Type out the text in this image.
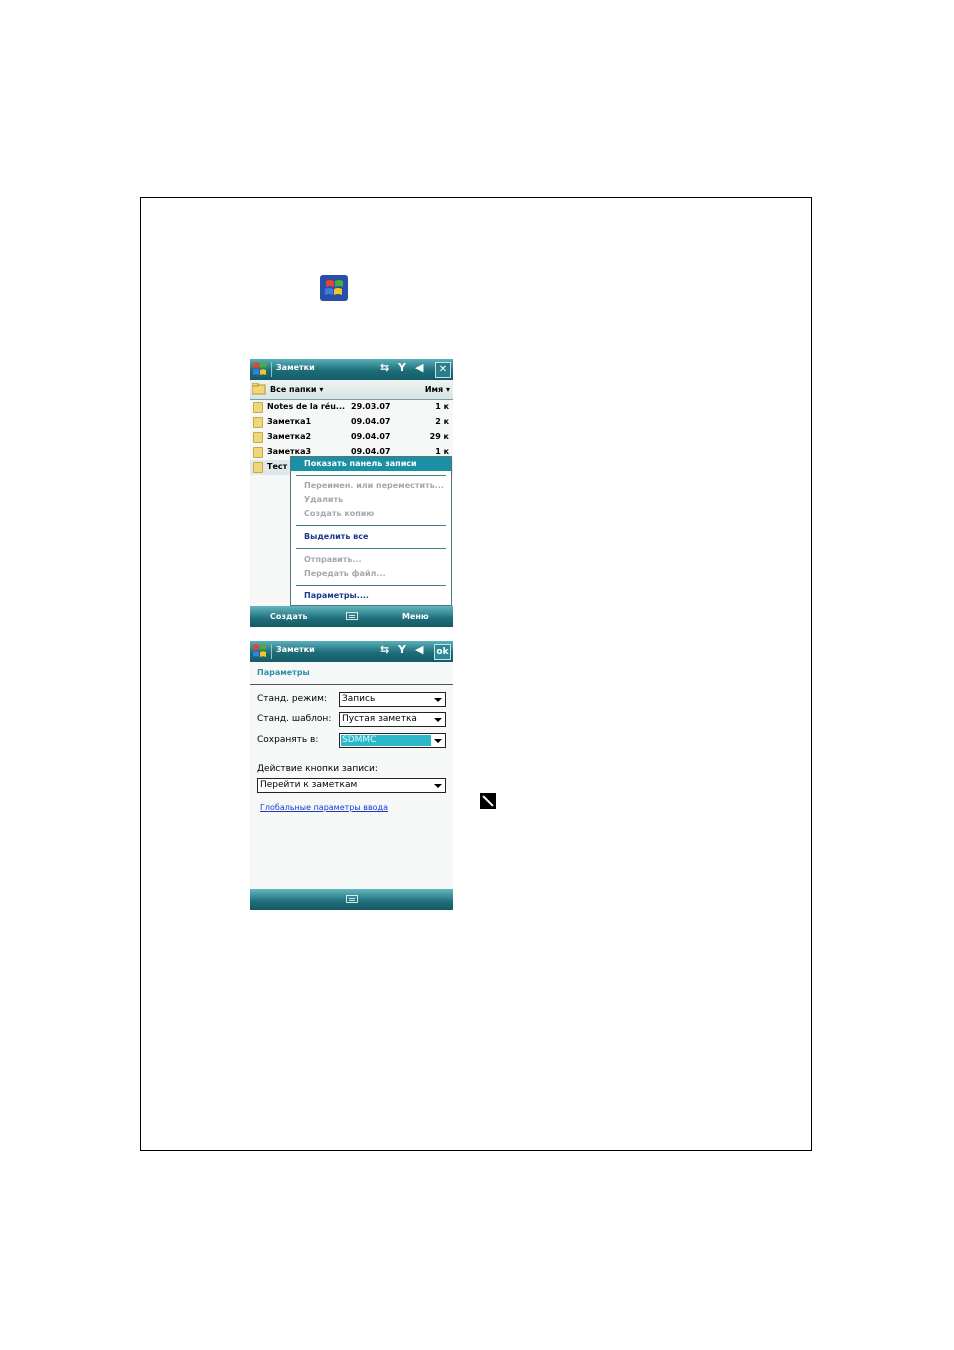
Заметки	⇆ Y ◀	✕
Все папки ▾	Имя ▾
Notes de la réu... 29.03.07	1 к
Заметка1	09.04.07	2 к
Заметка2	09.04.07	29 к
Заметка3	09.04.07	1 к
Тест	Показать панель записи
Переимен. или переместить...
Удалить
Создать копию
Выделить все
Отправить...
Передать файл...
Параметры....
Создать	Меню
Заметки	⇆ Y ◀ ok
Параметры
Станд. режим: Запись
Станд. шаблон: Пустая заметка
Сохранять в:	SDMMC
Действие кнопки записи:
Перейти к заметкам
Глобальные параметры ввода
